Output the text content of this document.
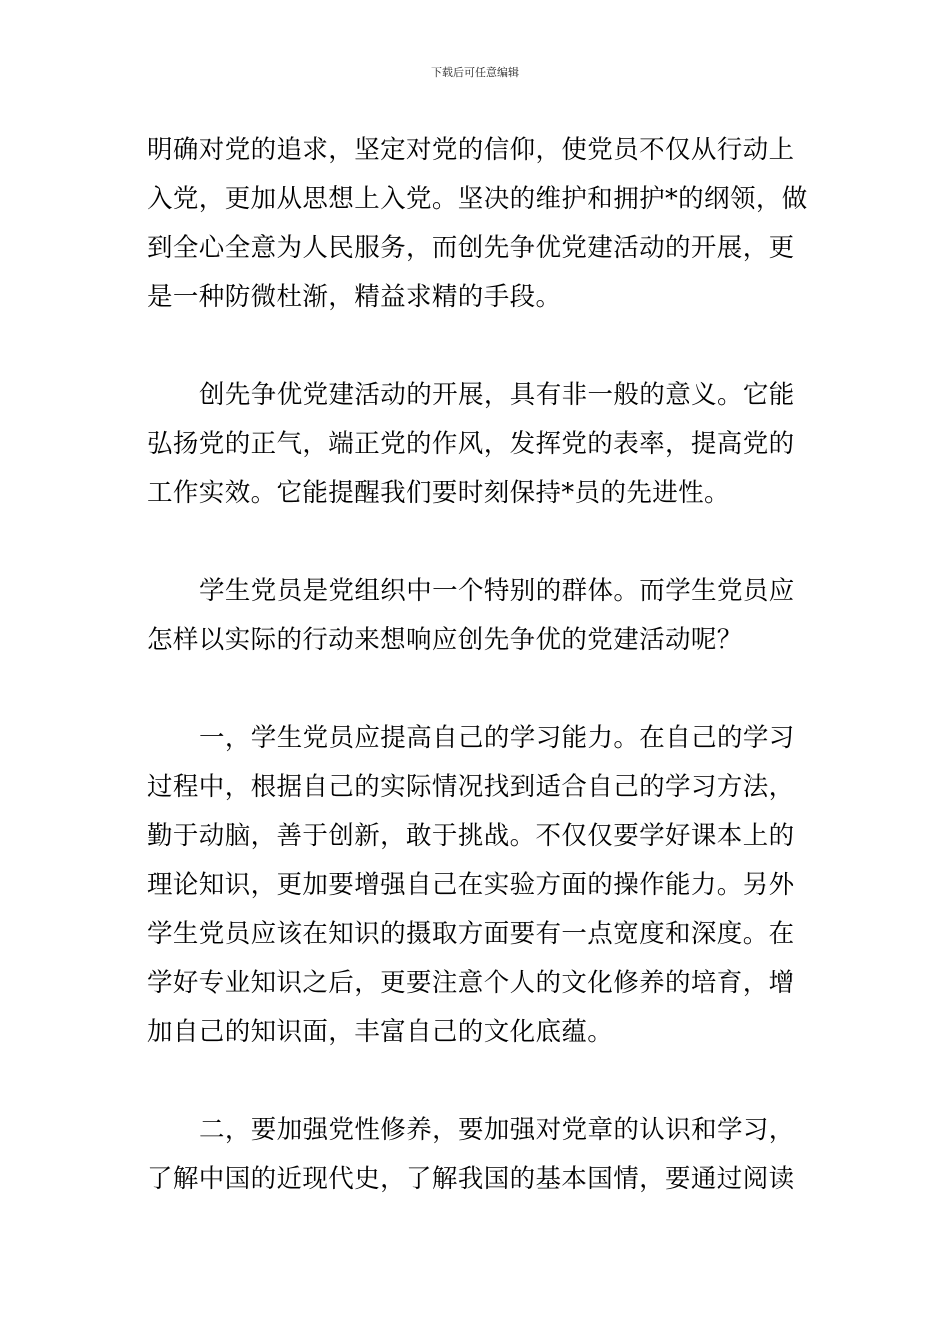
下载后可任意编辑

明确对党的追求，坚定对党的信仰，使党员不仅从行动上
入党，更加从思想上入党。坚决的维护和拥护*的纲领，做
到全心全意为人民服务，而创先争优党建活动的开展，更
是一种防微杜渐，精益求精的手段。

创先争优党建活动的开展，具有非一般的意义。它能
弘扬党的正气，端正党的作风，发挥党的表率，提高党的
工作实效。它能提醒我们要时刻保持*员的先进性。

学生党员是党组织中一个特别的群体。而学生党员应
怎样以实际的行动来想响应创先争优的党建活动呢？

一，学生党员应提高自己的学习能力。在自己的学习
过程中，根据自己的实际情况找到适合自己的学习方法，
勤于动脑，善于创新，敢于挑战。不仅仅要学好课本上的
理论知识，更加要增强自己在实验方面的操作能力。另外
学生党员应该在知识的摄取方面要有一点宽度和深度。在
学好专业知识之后，更要注意个人的文化修养的培育，增
加自己的知识面，丰富自己的文化底蕴。

二，要加强党性修养，要加强对党章的认识和学习，
了解中国的近现代史，了解我国的基本国情，要通过阅读
